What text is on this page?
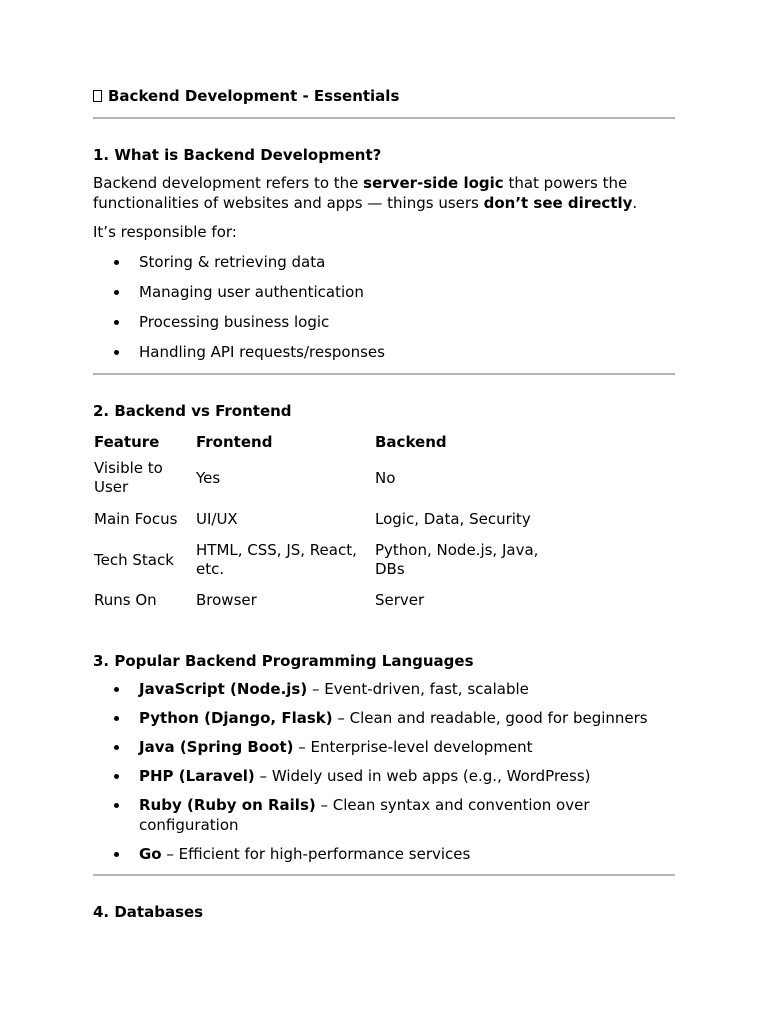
Backend Development - Essentials
1. What is Backend Development?

Backend development refers to the server-side logic that powers the functionalities of websites and apps — things users don’t see directly.

It’s responsible for:

Storing & retrieving data
Managing user authentication
Processing business logic
Handling API requests/responses
2. Backend vs Frontend
Feature	Frontend	Backend
Visible to User	Yes	No
Main Focus	UI/UX	Logic, Data, Security
Tech Stack	HTML, CSS, JS, React, etc.	Python, Node.js, Java, DBs
Runs On	Browser	Server
3. Popular Backend Programming Languages
JavaScript (Node.js) – Event-driven, fast, scalable
Python (Django, Flask) – Clean and readable, good for beginners
Java (Spring Boot) – Enterprise-level development
PHP (Laravel) – Widely used in web apps (e.g., WordPress)
Ruby (Ruby on Rails) – Clean syntax and convention over configuration
Go – Efficient for high-performance services
4. Databases
